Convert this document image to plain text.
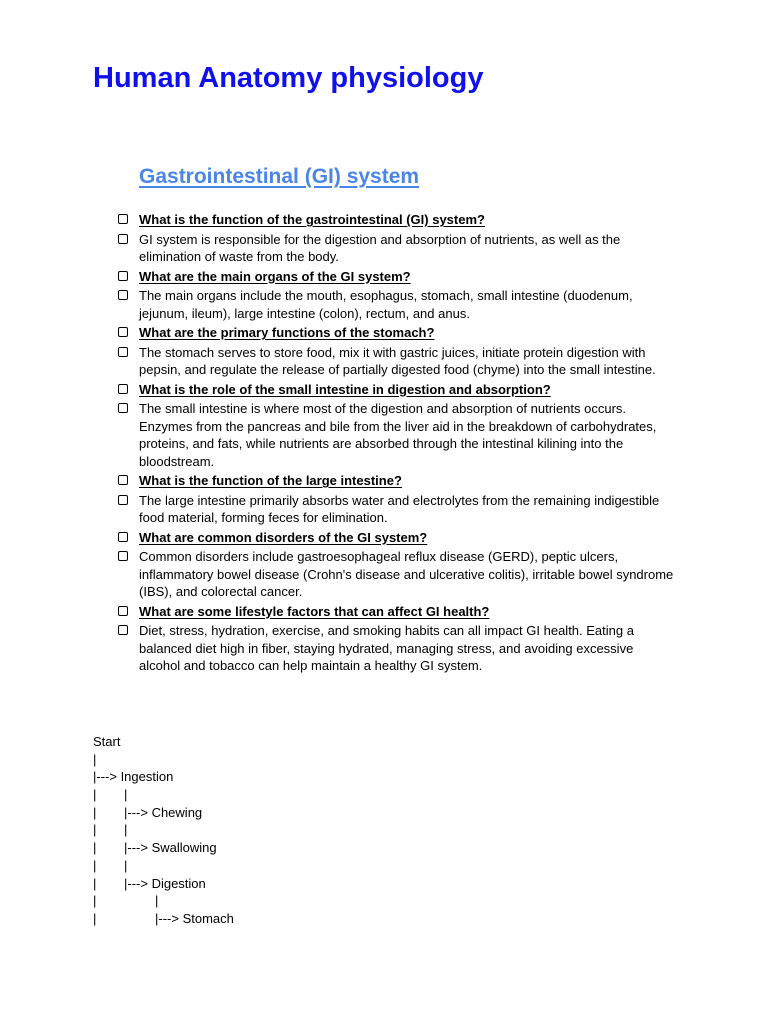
Human Anatomy physiology
Gastrointestinal (GI) system
What is the function of the gastrointestinal (GI) system?
GI system is responsible for the digestion and absorption of nutrients, as well as the elimination of waste from the body.
What are the main organs of the GI system?
The main organs include the mouth, esophagus, stomach, small intestine (duodenum, jejunum, ileum), large intestine (colon), rectum, and anus.
What are the primary functions of the stomach?
The stomach serves to store food, mix it with gastric juices, initiate protein digestion with pepsin, and regulate the release of partially digested food (chyme) into the small intestine.
What is the role of the small intestine in digestion and absorption?
The small intestine is where most of the digestion and absorption of nutrients occurs. Enzymes from the pancreas and bile from the liver aid in the breakdown of carbohydrates, proteins, and fats, while nutrients are absorbed through the intestinal kilining into the bloodstream.
What is the function of the large intestine?
The large intestine primarily absorbs water and electrolytes from the remaining indigestible food material, forming feces for elimination.
What are common disorders of the GI system?
Common disorders include gastroesophageal reflux disease (GERD), peptic ulcers, inflammatory bowel disease (Crohn's disease and ulcerative colitis), irritable bowel syndrome (IBS), and colorectal cancer.
What are some lifestyle factors that can affect GI health?
Diet, stress, hydration, exercise, and smoking habits can all impact GI health. Eating a balanced diet high in fiber, staying hydrated, managing stress, and avoiding excessive alcohol and tobacco can help maintain a healthy GI system.
Start
|
|---> Ingestion
| |
| |---> Chewing
| |
| |---> Swallowing
| |
| |---> Digestion
|	|
|	|---> Stomach
